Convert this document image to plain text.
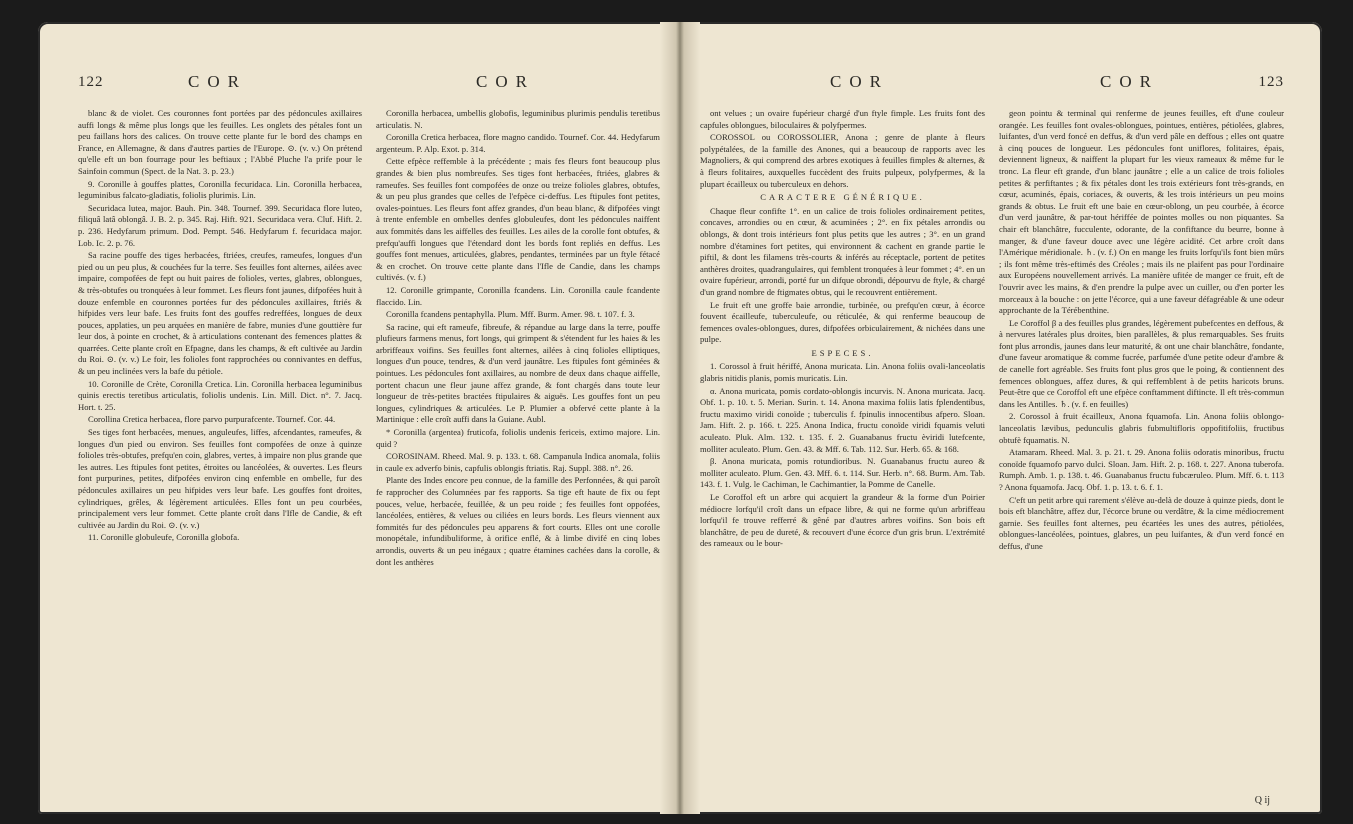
122	COR	COR

blanc & de violet. Ces couronnes font portées par des pédoncules axillaires auffi longs & même plus longs que les feuilles. Les onglets des pétales font un peu faillans hors des calices. On trouve cette plante fur le bord des champs en France, en Allemagne, & dans d'autres parties de l'Europe. ⊙. (v. v.) On prétend qu'elle eft un bon fourrage pour les beftiaux ; l'Abbé Pluche l'a prife pour le Sainfoin commun (Spect. de la Nat. 3. p. 23.)

9. Coronille à gouffes plattes, Coronilla fecuridaca. Lin. Coronilla herbacea, leguminibus falcato-gladiatis, foliolis plurimis. Lin.

Securidaca lutea, major. Bauh. Pin. 348. Tournef. 399. Securidaca flore luteo, filiquâ latâ oblongâ. J. B. 2. p. 345. Raj. Hift. 921. Securidaca vera. Cluf. Hift. 2. p. 236. Hedyfarum primum. Dod. Pempt. 546. Hedyfarum f. fecuridaca major. Lob. Ic. 2. p. 76.

Sa racine pouffe des tiges herbacées, ftriées, creufes, rameufes, longues d'un pied ou un peu plus, & couchées fur la terre. Ses feuilles font alternes, ailées avec impaire, compofées de fept ou huit paires de folioles, vertes, glabres, oblongues, & très-obtufes ou tronquées à leur fommet. Les fleurs font jaunes, difpofées huit à douze enfemble en couronnes portées fur des pédoncules axillaires, ftriés & hifpides vers leur bafe. Les fruits font des gouffes redreffées, longues de deux pouces, applaties, un peu arquées en manière de fabre, munies d'une gouttière fur leur dos, à pointe en crochet, & à articulations contenant des femences plattes & quarrées. Cette plante croît en Efpagne, dans les champs, & eft cultivée au Jardin du Roi. ⊙. (v. v.) Le foir, les folioles font rapprochées ou connivantes en deffus, & un peu inclinées vers la bafe du pétiole.

10. Coronille de Crète, Coronilla Cretica. Lin. Coronilla herbacea leguminibus quinis erectis teretibus articulatis, foliolis undenis. Lin. Mill. Dict. n°. 7. Jacq. Hort. t. 25.

Corollina Cretica herbacea, flore parvo purpurafcente. Tournef. Cor. 44.

Ses tiges font herbacées, menues, anguleufes, liffes, afcendantes, rameufes, & longues d'un pied ou environ. Ses feuilles font compofées de onze à quinze folioles très-obtufes, prefqu'en coin, glabres, vertes, à impaire non plus grande que les autres. Les ftipules font petites, étroites ou lancéolées, & ouvertes. Les fleurs font purpurines, petites, difpofées environ cinq enfemble en ombelle, fur des pédoncules axillaires un peu hifpides vers leur bafe. Les gouffes font droites, cylindriques, grêles, & légèrement articulées. Elles font un peu courbées, principalement vers leur fommet. Cette plante croît dans l'Ifle de Candie, & eft cultivée au Jardin du Roi. ⊙. (v. v.)

11. Coronille globuleufe, Coronilla globofa.

Coronilla herbacea, umbellis globofis, leguminibus plurimis pendulis teretibus articulatis. N.

Coronilla Cretica herbacea, flore magno candido. Tournef. Cor. 44. Hedyfarum argenteum. P. Alp. Exot. p. 314.

Cette efpèce reffemble à la précédente ; mais fes fleurs font beaucoup plus grandes & bien plus nombreufes. Ses tiges font herbacées, ftriées, glabres & rameufes. Ses feuilles font compofées de onze ou treize folioles glabres, obtufes, & un peu plus grandes que celles de l'efpèce ci-deffus. Les ftipules font petites, ovales-pointues. Les fleurs font affez grandes, d'un beau blanc, & difpofées vingt à trente enfemble en ombelles denfes globuleufes, dont les pédoncules naiffent aux fommités dans les aiffelles des feuilles. Les ailes de la corolle font obtufes, & prefqu'auffi longues que l'étendard dont les bords font repliés en deffus. Les gouffes font menues, articulées, glabres, pendantes, terminées par un ftyle fétacé & en crochet. On trouve cette plante dans l'Ifle de Candie, dans les champs cultivés. (v. f.)

12. Coronille grimpante, Coronilla fcandens. Lin. Coronilla caule fcandente flaccido. Lin.

Coronilla fcandens pentaphylla. Plum. Mff. Burm. Amer. 98. t. 107. f. 3.

Sa racine, qui eft rameufe, fibreufe, & répandue au large dans la terre, pouffe plufieurs farmens menus, fort longs, qui grimpent & s'étendent fur les haies & les arbriffeaux voifins. Ses feuilles font alternes, ailées à cinq folioles elliptiques, longues d'un pouce, tendres, & d'un verd jaunâtre. Les ftipules font géminées & pointues. Les pédoncules font axillaires, au nombre de deux dans chaque aiffelle, portent chacun une fleur jaune affez grande, & font chargés dans toute leur longueur de très-petites bractées ftipulaires & aiguës. Les gouffes font un peu longues, cylindriques & articulées. Le P. Plumier a obfervé cette plante à la Martinique : elle croît auffi dans la Guiane. Aubl.

* Coronilla (argentea) fruticofa, foliolis undenis fericeis, extimo majore. Lin. quid ?

COROSINAM. Rheed. Mal. 9. p. 133. t. 68. Campanula Indica anomala, foliis in caule ex adverfo binis, capfulis oblongis ftriatis. Raj. Suppl. 388. n°. 26.

Plante des Indes encore peu connue, de la famille des Perfonnées, & qui paroît fe rapprocher des Columnées par fes rapports. Sa tige eft haute de fix ou fept pouces, velue, herbacée, feuillée, & un peu roide ; fes feuilles font oppofées, lancéolées, entières, & velues ou ciliées en leurs bords. Les fleurs viennent aux fommités fur des pédoncules peu apparens & fort courts. Elles ont une corolle monopétale, infundibuliforme, à orifice enflé, & à limbe divifé en cinq lobes arrondis, ouverts & un peu inégaux ; quatre étamines cachées dans la corolle, & dont les anthères

COR	COR	123

ont velues ; un ovaire fupérieur chargé d'un ftyle fimple. Les fruits font des capfules oblongues, biloculaires & polyfpermes.

COROSSOL ou COROSSOLIER, Anona ; genre de plante à fleurs polypétalées, de la famille des Anones, qui a beaucoup de rapports avec les Magnoliers, & qui comprend des arbres exotiques à feuilles fimples & alternes, & à fleurs folitaires, auxquelles fuccèdent des fruits pulpeux, polyfpermes, & la plupart écailleux ou tuberculeux en dehors.

CARACTERE GÉNÉRIQUE.

Chaque fleur confifte 1°. en un calice de trois folioles ordinairement petites, concaves, arrondies ou en cœur, & acuminées ; 2°. en fix pétales arrondis ou oblongs, & dont trois intérieurs font plus petits que les autres ; 3°. en un grand nombre d'étamines fort petites, qui environnent & cachent en grande partie le piftil, & dont les filamens très-courts & inférés au réceptacle, portent de petites anthères droites, quadrangulaires, qui femblent tronquées à leur fommet ; 4°. en un ovaire fupérieur, arrondi, porté fur un difque obrondi, dépourvu de ftyle, & chargé d'un grand nombre de ftigmates obtus, qui le recouvrent entièrement.

Le fruit eft une groffe baie arrondie, turbinée, ou prefqu'en cœur, à écorce fouvent écailleufe, tuberculeufe, ou réticulée, & qui renferme beaucoup de femences ovales-oblongues, dures, difpofées orbiculairement, & nichées dans une pulpe.

ESPECES.

1. Corossol à fruit hériffé, Anona muricata. Lin. Anona foliis ovali-lanceolatis glabris nitidis planis, pomis muricatis. Lin.

α. Anona muricata, pomis cordato-oblongis incurvis. N. Anona muricata. Jacq. Obf. 1. p. 10. t. 5. Merian. Surin. t. 14. Anona maxima foliis latis fplendentibus, fructu maximo viridi conoïde ; tuberculis f. fpinulis innocentibus afpero. Sloan. Jam. Hift. 2. p. 166. t. 225. Anona Indica, fructu conoïde viridi fquamis veluti aculeato. Pluk. Alm. 132. t. 135. f. 2. Guanabanus fructu èviridi lutefcente, molliter aculeato. Plum. Gen. 43. & Mff. 6. Tab. 112. Sur. Herb. 65. & 168.

β. Anona muricata, pomis rotundioribus. N. Guanabanus fructu aureo & molliter aculeato. Plum. Gen. 43. Mff. 6. t. 114. Sur. Herb. n°. 68. Burm. Am. Tab. 143. f. 1. Vulg. le Cachiman, le Cachimantier, la Pomme de Canelle.

Le Coroffol eft un arbre qui acquiert la grandeur & la forme d'un Poirier médiocre lorfqu'il croît dans un efpace libre, & qui ne forme qu'un arbriffeau lorfqu'il fe trouve refferré & gêné par d'autres arbres voifins. Son bois eft blanchâtre, de peu de dureté, & recouvert d'une écorce d'un gris brun. L'extrémité des rameaux ou le bour-

geon pointu & terminal qui renferme de jeunes feuilles, eft d'une couleur orangée. Les feuilles font ovales-oblongues, pointues, entières, pétiolées, glabres, luifantes, d'un verd foncé en deffus, & d'un verd pâle en deffous ; elles ont quatre à cinq pouces de longueur. Les pédoncules font uniflores, folitaires, épais, deviennent ligneux, & naiffent la plupart fur les vieux rameaux & même fur le tronc. La fleur eft grande, d'un blanc jaunâtre ; elle a un calice de trois folioles petites & perfiftantes ; & fix pétales dont les trois extérieurs font très-grands, en cœur, acuminés, épais, coriaces, & ouverts, & les trois intérieurs un peu moins grands & obtus. Le fruit eft une baie en cœur-oblong, un peu courbée, à écorce d'un verd jaunâtre, & par-tout hériffée de pointes molles ou non piquantes. Sa chair eft blanchâtre, fucculente, odorante, de la confiftance du beurre, bonne à manger, & d'une faveur douce avec une légère acidité. Cet arbre croît dans l'Amérique méridionale. ♄. (v. f.) On en mange les fruits lorfqu'ils font bien mûrs ; ils font même très-eftimés des Créoles ; mais ils ne plaifent pas pour l'ordinaire aux Européens nouvellement arrivés. La manière ufitée de manger ce fruit, eft de l'ouvrir avec les mains, & d'en prendre la pulpe avec un cuiller, ou d'en porter les morceaux à la bouche : on jette l'écorce, qui a une faveur défagréable & une odeur approchante de la Térébenthine.

Le Coroffol β a des feuilles plus grandes, légèrement pubefcentes en deffous, & à nervures latérales plus droites, bien parallèles, & plus remarquables. Ses fruits font plus arrondis, jaunes dans leur maturité, & ont une chair blanchâtre, fondante, d'une faveur aromatique & comme fucrée, parfumée d'une petite odeur d'ambre & de canelle fort agréable. Ses fruits font plus gros que le poing, & contiennent des femences oblongues, affez dures, & qui reffemblent à de petits haricots bruns. Peut-être que ce Coroffol eft une efpèce conftamment diftincte. Il eft très-commun dans les Antilles. ♄. (v. f. en feuilles)

2. Corossol à fruit écailleux, Anona fquamofa. Lin. Anona foliis oblongo-lanceolatis lævibus, pedunculis glabris fubmultifloris oppofitifoliis, fructibus obtufè fquamatis. N.

Atamaram. Rheed. Mal. 3. p. 21. t. 29. Anona foliis odoratis minoribus, fructu conoïde fquamofo parvo dulci. Sloan. Jam. Hift. 2. p. 168. t. 227. Anona tuberofa. Rumph. Amb. 1. p. 138. t. 46. Guanabanus fructu fubcæruleo. Plum. Mff. 6. t. 113 ? Anona fquamofa. Jacq. Obf. 1. p. 13. t. 6. f. 1.

C'eft un petit arbre qui rarement s'élève au-delà de douze à quinze pieds, dont le bois eft blanchâtre, affez dur, l'écorce brune ou verdâtre, & la cime médiocrement garnie. Ses feuilles font alternes, peu écartées les unes des autres, pétiolées, oblongues-lancéolées, pointues, glabres, un peu luifantes, & d'un verd foncé en deffus, d'une

Q ij
